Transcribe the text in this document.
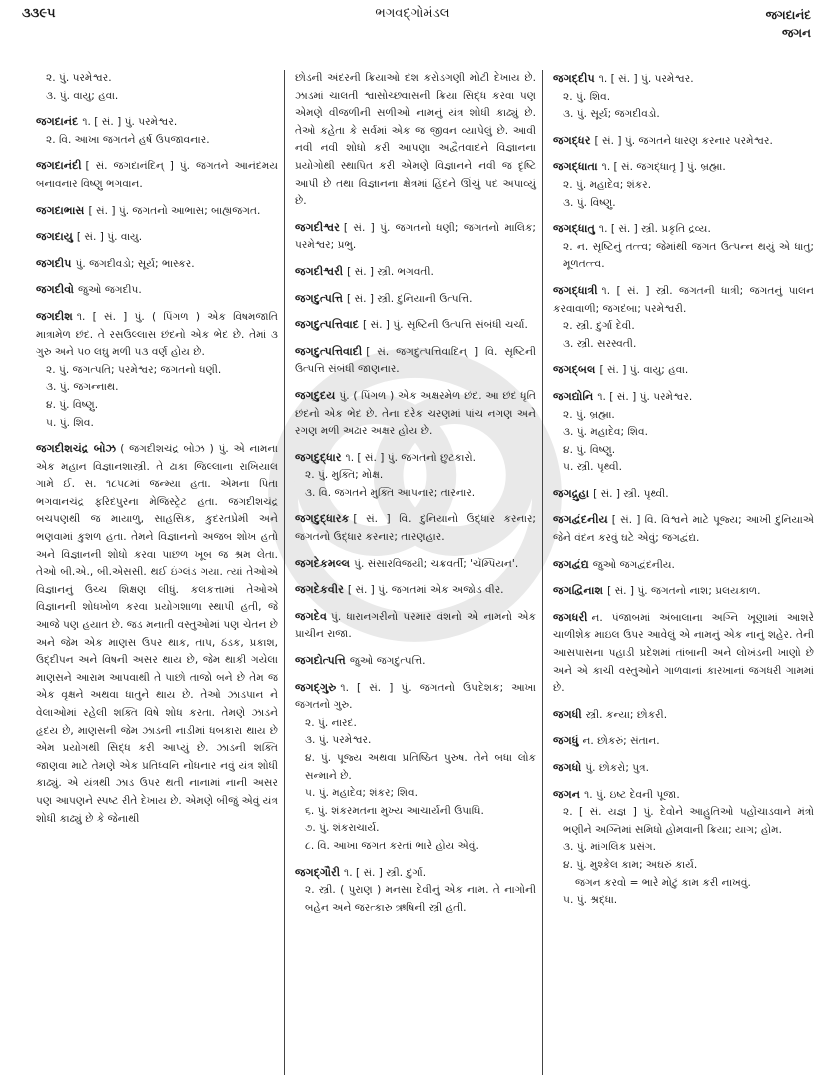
૩૩૯૫	ભગવદ્ગોમંડલ	જગદાનંદ
જગન
૨. પું. પરમેશ્વર.
૩. પું. વાયુ; હવા.
જગદાનંદ ૧. [ સં. ] પું. પરમેશ્વર.
૨. વિ. આખા જગતને હર્ષ ઉપજાવનાર.
જગદાનંદી [ સં. જગદાનંદિન્ ] પું. જગતને આનંદમય બનાવનાર વિષ્ણુ ભગવાન.
જગદાભાસ [ સં. ] પું. જગતનો આભાસ; બાહ્યજગત.
જગદાયુ [ સં. ] પું. વાયુ.
જગદીપ પું. જગદીવડો; સૂર્ય; ભાસ્કર.
જગદીવો જુઓ જગદીપ.
જગદીશ ૧. [ સં. ] પું. ( પિંગળ ) એક વિષમજાતિ માત્રામેળ છંદ. તે રસઉલ્લાસ છંદનો એક ભેદ છે. તેમાં ૩ ગુરુ અને ૫૦ લઘુ મળી ૫૩ વર્ણ હોય છે.
૨. પું. જગત્પતિ; પરમેશ્વર; જગતનો ધણી.
૩. પું. જગન્નાથ.
૪. પું. વિષ્ણુ.
૫. પું. શિવ.
જગદીશચંદ્ર બોઝ ( જગદીશચંદ્ર બોઝ ) પું. એ નામના એક મહાન વિજ્ઞાનશાસ્ત્રી. તે ઢાકા જિલ્લાના રાખિયાલ ગામે ઈ. સ. ૧૮૫૮માં જન્મ્યા હતા. એમના પિતા ભગવાનચંદ્ર ફરિદપુરના મેજિસ્ટ્રેટ હતા. જગદીશચંદ્ર બચપણથી જ માયાળુ, સાહસિક, કુદરતપ્રેમી અને ભણવામાં કુશળ હતા. તેમને વિજ્ઞાનનો અજબ શોખ હતો અને વિજ્ઞાનની શોધો કરવા પાછળ ખૂબ જ શ્રમ લેતા. તેઓ બી.એ., બી.એસસી. થઈ ઇંગ્લંડ ગયા. ત્યાં તેઓએ વિજ્ઞાનનું ઉચ્ચ શિક્ષણ લીધું. કલકત્તામાં તેઓએ વિજ્ઞાનની શોધખોળ કરવા પ્રયોગશાળા સ્થાપી હતી, જે આજે પણ હયાત છે. જડ મનાતી વસ્તુઓમાં પણ ચેતન છે અને જેમ એક માણસ ઉપર થાક, તાપ, ઠંડક, પ્રકાશ, ઉદ્દીપન અને વિષની અસર થાય છે, જેમ થાકી ગયેલા માણસને આરામ આપવાથી તે પાછો તાજો બને છે તેમ જ એક વૃક્ષને અથવા ધાતુને થાય છે. તેઓ ઝાડપાન ને વેલાઓમાં રહેલી શક્તિ વિષે શોધ કરતા. તેમણે ઝાડને હૃદય છે, માણસની જેમ ઝાડની નાડીમાં ધબકારા થાય છે એમ પ્રયોગથી સિદ્ધ કરી આપ્યું છે. ઝાડની શક્તિ જાણવા માટે તેમણે એક પ્રતિધ્વનિ નોંધનાર નવું યંત્ર શોધી કાઢ્યું. એ યંત્રથી ઝાડ ઉપર થતી નાનામાં નાની અસર પણ આપણને સ્પષ્ટ રીતે દેખાય છે. એમણે બીજું એવું યંત્ર શોધી કાઢ્યું છે કે જેનાથી
છોડની અંદરની ક્રિયાઓ દશ કરોડગણી મોટી દેખાય છે. ઝાડમાં ચાલતી શ્વાસોચ્છ્વાસની ક્રિયા સિદ્ધ કરવા પણ એમણે વીજળીની સળીઓ નામનું યંત્ર શોધી કાઢ્યું છે. તેઓ કહેતા કે સર્વમાં એક જ જીવન વ્યાપેલું છે. આવી નવી નવી શોધો કરી આપણા અદ્વૈતવાદને વિજ્ઞાનના પ્રયોગોથી સ્થાપિત કરી એમણે વિજ્ઞાનને નવી જ દૃષ્ટિ આપી છે તથા વિજ્ઞાનના ક્ષેત્રમાં હિંદને ઊંચું પદ અપાવ્યું છે.
જગદીશ્વર [ સં. ] પું. જગતનો ધણી; જગતનો માલિક; પરમેશ્વર; પ્રભુ.
જગદીશ્વરી [ સં. ] સ્ત્રી. ભગવતી.
જગદુત્પત્તિ [ સં. ] સ્ત્રી. દુનિયાની ઉત્પત્તિ.
જગદુત્પત્તિવાદ [ સં. ] પું. સૃષ્ટિની ઉત્પત્તિ સંબંધી ચર્ચા.
જગદુત્પત્તિવાદી [ સં. જગદુત્પત્તિવાદિન્ ] વિ. સૃષ્ટિની ઉત્પત્તિ સંબંધી જાણનાર.
જગદુદય પું. ( પિંગળ ) એક અક્ષરમેળ છંદ. આ છંદ ધૃતિ છંદનો એક ભેદ છે. તેના દરેક ચરણમાં પાંચ નગણ અને રગણ મળી અઢાર અક્ષર હોય છે.
જગદુદ્ધાર ૧. [ સં. ] પું. જગતનો છુટકારો.
૨. પું. મુક્તિ; મોક્ષ.
૩. વિ. જગતને મુક્તિ આપનાર; તારનાર.
જગદુદ્ધારક [ સં. ] વિ. દુનિયાનો ઉદ્ધાર કરનાર; જગતનો ઉદ્ધાર કરનાર; તારણહાર.
જગદેકમલ્લ પું. સંસારવિજયી; ચક્રવર્તી; 'ચૅમ્પિયન'.
જગદેકવીર [ સં. ] પું. જગતમાં એક અજોડ વીર.
જગદેવ પું. ધારાનગરીનો પરમાર વંશનો એ નામનો એક પ્રાચીન રાજા.
જગદોત્પત્તિ જુઓ જગદુત્પત્તિ.
જગદ્ગુરુ ૧. [ સં. ] પું. જગતનો ઉપદેશક; આખા જગતનો ગુરુ.
૨. પું. નારદ.
૩. પું. પરમેશ્વર.
૪. પું. પૂજ્ય અથવા પ્રતિષ્ઠિત પુરુષ. તેને બધા લોક સન્માને છે.
૫. પું. મહાદેવ; શંકર; શિવ.
૬. પું. શંકરમતના મુખ્ય આચાર્યની ઉપાધિ.
૭. પું. શંકરાચાર્ય.
૮. વિ. આખા જગત કરતાં ભારે હોય એવું.
જગદ્ગૌરી ૧. [ સં. ] સ્ત્રી. દુર્ગા.
૨. સ્ત્રી. ( પુરાણ ) મનસા દેવીનું એક નામ. તે નાગોની બહેન અને જરત્કારુ ઋષિની સ્ત્રી હતી.
જગદ્દીપ ૧. [ સં. ] પું. પરમેશ્વર.
૨. પું. શિવ.
૩. પું. સૂર્ય; જગદીવડો.
જગદ્ધર [ સં. ] પું. જગતને ધારણ કરનાર પરમેશ્વર.
જગદ્ધાતા ૧. [ સં. જગદ્ધાતૃ ] પું. બ્રહ્મા.
૨. પું. મહાદેવ; શંકર.
૩. પું. વિષ્ણુ.
જગદ્ધાતુ ૧. [ સં. ] સ્ત્રી. પ્રકૃતિ દ્રવ્ય.
૨. ન. સૃષ્ટિનું તત્ત્વ; જેમાંથી જગત ઉત્પન્ન થયું એ ધાતુ; મૂળતત્ત્વ.
જગદ્ધાત્રી ૧. [ સં. ] સ્ત્રી. જગતની ધાત્રી; જગતનું પાલન કરવાવાળી; જગદંબા; પરમેશ્વરી.
૨. સ્ત્રી. દુર્ગા દેવી.
૩. સ્ત્રી. સરસ્વતી.
જગદ્બલ [ સં. ] પું. વાયુ; હવા.
જગદ્યોનિ ૧. [ સં. ] પું. પરમેશ્વર.
૨. પું. બ્રહ્મા.
૩. પું. મહાદેવ; શિવ.
૪. પું. વિષ્ણુ.
૫. સ્ત્રી. પૃથ્વી.
જગદ્રુહા [ સં. ] સ્ત્રી. પૃથ્વી.
જગદ્વંદનીય [ સં. ] વિ. વિશ્વને માટે પૂજ્ય; આખી દુનિયાએ જેને વંદન કરવું ઘટે એવું; જગદ્વંદ્ય.
જગદ્વંદ્ય જુઓ જગદ્વંદનીય.
જગદ્વિનાશ [ સં. ] પું. જગતનો નાશ; પ્રલયકાળ.
જગધરી ન. પંજાબમાં અંબાલાના અગ્નિ ખૂણામાં આશરે ચાળીશેક માઇલ ઉપર આવેલું એ નામનું એક નાનું શહેર. તેની આસપાસના પહાડી પ્રદેશમાં તાંબાની અને લોખંડની ખાણો છે અને એ કાચી વસ્તુઓને ગાળવાનાં કારખાનાં જગધરી ગામમાં છે.
જગધી સ્ત્રી. કન્યા; છોકરી.
જગધું ન. છોકરું; સંતાન.
જગધો પું. છોકરો; પુત્ર.
જગન ૧. પું. ઇષ્ટ દેવની પૂજા.
૨. [ સં. યજ્ઞ ] પું. દેવોને આહુતિઓ પહોંચાડવાને મંત્રો ભણીને અગ્નિમાં સમિધો હોમવાની ક્રિયા; યાગ; હોમ.
૩. પું. માંગલિક પ્રસંગ.
૪. પું. મુશ્કેલ કામ; અઘરું કાર્ય.
જગન કરવો = ભારે મોટું કામ કરી નાખવું.
૫. પું. શ્રદ્ધા.
